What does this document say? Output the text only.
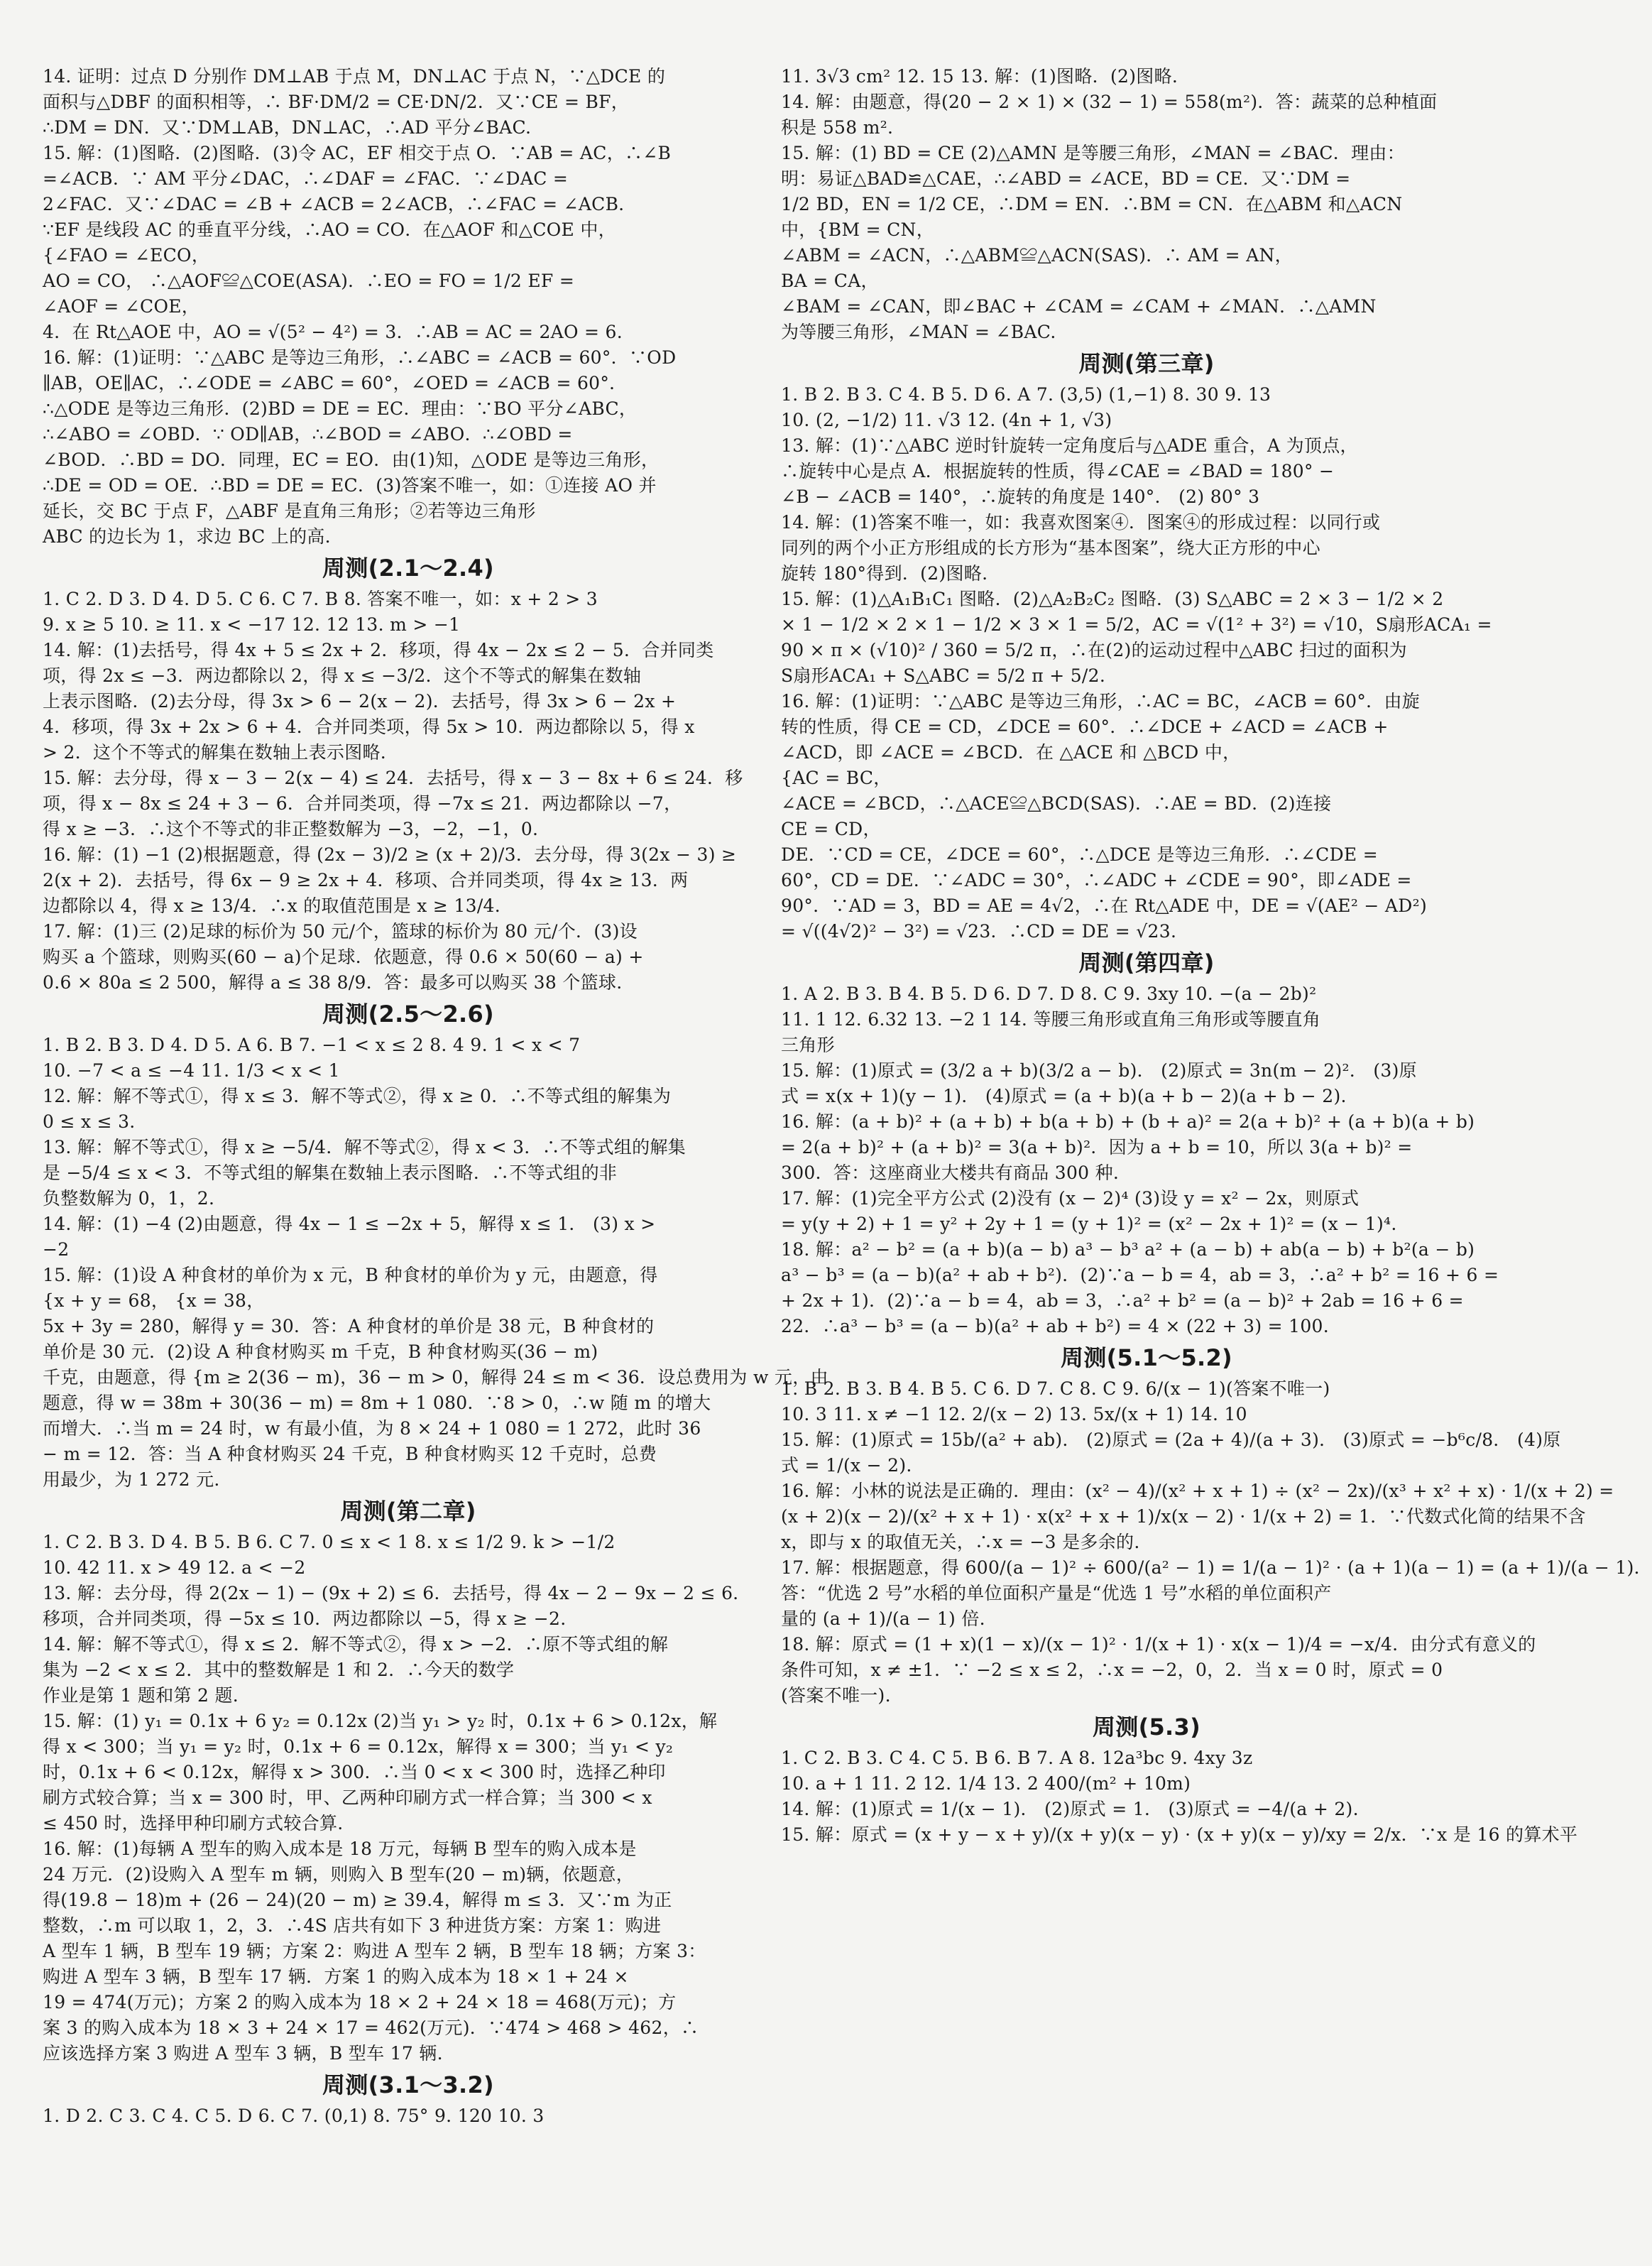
14. 证明：过点 D 分别作 DM⊥AB 于点 M，DN⊥AC 于点 N，∵△DCE 的
面积与△DBF 的面积相等，∴ BF·DM/2 = CE·DN/2．又∵CE = BF，
∴DM = DN．又∵DM⊥AB，DN⊥AC，∴AD 平分∠BAC.
15. 解：(1)图略．(2)图略．(3)令 AC，EF 相交于点 O．∵AB = AC，∴∠B
=∠ACB．∵ AM 平分∠DAC，∴∠DAF = ∠FAC．∵∠DAC =
2∠FAC．又∵∠DAC = ∠B + ∠ACB = 2∠ACB，∴∠FAC = ∠ACB．
∵EF 是线段 AC 的垂直平分线，∴AO = CO．在△AOF 和△COE 中，
{∠FAO = ∠ECO，
AO = CO， ∴△AOF≌△COE(ASA)．∴EO = FO = 1/2 EF =
∠AOF = ∠COE，
4．在 Rt△AOE 中，AO = √(5² − 4²) = 3．∴AB = AC = 2AO = 6.
16. 解：(1)证明：∵△ABC 是等边三角形，∴∠ABC = ∠ACB = 60°．∵OD
∥AB，OE∥AC，∴∠ODE = ∠ABC = 60°，∠OED = ∠ACB = 60°．
∴△ODE 是等边三角形．(2)BD = DE = EC．理由：∵BO 平分∠ABC，
∴∠ABO = ∠OBD．∵ OD∥AB，∴∠BOD = ∠ABO．∴∠OBD =
∠BOD．∴BD = DO．同理，EC = EO．由(1)知，△ODE 是等边三角形，
∴DE = OD = OE．∴BD = DE = EC．(3)答案不唯一，如：①连接 AO 并
延长，交 BC 于点 F，△ABF 是直角三角形；②若等边三角形
ABC 的边长为 1，求边 BC 上的高.
周测(2.1～2.4)
1. C 2. D 3. D 4. D 5. C 6. C 7. B 8. 答案不唯一，如：x + 2 > 3
9. x ≥ 5 10. ≥ 11. x < −17 12. 12 13. m > −1
14. 解：(1)去括号，得 4x + 5 ≤ 2x + 2．移项，得 4x − 2x ≤ 2 − 5．合并同类
项，得 2x ≤ −3．两边都除以 2，得 x ≤ −3/2．这个不等式的解集在数轴
上表示图略．(2)去分母，得 3x > 6 − 2(x − 2)．去括号，得 3x > 6 − 2x +
4．移项，得 3x + 2x > 6 + 4．合并同类项，得 5x > 10．两边都除以 5，得 x
> 2．这个不等式的解集在数轴上表示图略.
15. 解：去分母，得 x − 3 − 2(x − 4) ≤ 24．去括号，得 x − 3 − 8x + 6 ≤ 24．移
项，得 x − 8x ≤ 24 + 3 − 6．合并同类项，得 −7x ≤ 21．两边都除以 −7，
得 x ≥ −3．∴这个不等式的非正整数解为 −3，−2，−1，0.
16. 解：(1) −1 (2)根据题意，得 (2x − 3)/2 ≥ (x + 2)/3．去分母，得 3(2x − 3) ≥
2(x + 2)．去括号，得 6x − 9 ≥ 2x + 4．移项、合并同类项，得 4x ≥ 13．两
边都除以 4，得 x ≥ 13/4．∴x 的取值范围是 x ≥ 13/4.
17. 解：(1)三 (2)足球的标价为 50 元/个，篮球的标价为 80 元/个．(3)设
购买 a 个篮球，则购买(60 − a)个足球．依题意，得 0.6 × 50(60 − a) +
0.6 × 80a ≤ 2 500，解得 a ≤ 38 8/9．答：最多可以购买 38 个篮球.
周测(2.5～2.6)
1. B 2. B 3. D 4. D 5. A 6. B 7. −1 < x ≤ 2 8. 4 9. 1 < x < 7
10. −7 < a ≤ −4 11. 1/3 < x < 1
12. 解：解不等式①，得 x ≤ 3．解不等式②，得 x ≥ 0．∴不等式组的解集为
0 ≤ x ≤ 3.
13. 解：解不等式①，得 x ≥ −5/4．解不等式②，得 x < 3．∴不等式组的解集
是 −5/4 ≤ x < 3．不等式组的解集在数轴上表示图略．∴不等式组的非
负整数解为 0，1，2.
14. 解：(1) −4 (2)由题意，得 4x − 1 ≤ −2x + 5，解得 x ≤ 1． (3) x >
−2
15. 解：(1)设 A 种食材的单价为 x 元，B 种食材的单价为 y 元，由题意，得
{x + y = 68， {x = 38，
5x + 3y = 280，解得 y = 30．答：A 种食材的单价是 38 元，B 种食材的
单价是 30 元．(2)设 A 种食材购买 m 千克，B 种食材购买(36 − m)
千克，由题意，得 {m ≥ 2(36 − m)，36 − m > 0，解得 24 ≤ m < 36．设总费用为 w 元，由
题意，得 w = 38m + 30(36 − m) = 8m + 1 080．∵8 > 0，∴w 随 m 的增大
而增大．∴当 m = 24 时，w 有最小值，为 8 × 24 + 1 080 = 1 272，此时 36
− m = 12．答：当 A 种食材购买 24 千克，B 种食材购买 12 千克时，总费
用最少，为 1 272 元.
周测(第二章)
1. C 2. B 3. D 4. B 5. B 6. C 7. 0 ≤ x < 1 8. x ≤ 1/2 9. k > −1/2
10. 42 11. x > 49 12. a < −2
13. 解：去分母，得 2(2x − 1) − (9x + 2) ≤ 6．去括号，得 4x − 2 − 9x − 2 ≤ 6．
移项，合并同类项，得 −5x ≤ 10．两边都除以 −5，得 x ≥ −2.
14. 解：解不等式①，得 x ≤ 2．解不等式②，得 x > −2．∴原不等式组的解
集为 −2 < x ≤ 2．其中的整数解是 1 和 2．∴今天的数学
作业是第 1 题和第 2 题.
15. 解：(1) y₁ = 0.1x + 6 y₂ = 0.12x (2)当 y₁ > y₂ 时，0.1x + 6 > 0.12x，解
得 x < 300；当 y₁ = y₂ 时，0.1x + 6 = 0.12x，解得 x = 300；当 y₁ < y₂
时，0.1x + 6 < 0.12x，解得 x > 300．∴当 0 < x < 300 时，选择乙种印
刷方式较合算；当 x = 300 时，甲、乙两种印刷方式一样合算；当 300 < x
≤ 450 时，选择甲种印刷方式较合算.
16. 解：(1)每辆 A 型车的购入成本是 18 万元，每辆 B 型车的购入成本是
24 万元．(2)设购入 A 型车 m 辆，则购入 B 型车(20 − m)辆，依题意，
得(19.8 − 18)m + (26 − 24)(20 − m) ≥ 39.4，解得 m ≤ 3．又∵m 为正
整数，∴m 可以取 1，2，3．∴4S 店共有如下 3 种进货方案：方案 1：购进
A 型车 1 辆，B 型车 19 辆；方案 2：购进 A 型车 2 辆，B 型车 18 辆；方案 3：
购进 A 型车 3 辆，B 型车 17 辆．方案 1 的购入成本为 18 × 1 + 24 ×
19 = 474(万元)；方案 2 的购入成本为 18 × 2 + 24 × 18 = 468(万元)；方
案 3 的购入成本为 18 × 3 + 24 × 17 = 462(万元)．∵474 > 468 > 462，∴
应该选择方案 3 购进 A 型车 3 辆，B 型车 17 辆.
周测(3.1～3.2)
1. D 2. C 3. C 4. C 5. D 6. C 7. (0,1) 8. 75° 9. 120 10. 3
11. 3√3 cm² 12. 15 13. 解：(1)图略．(2)图略.
14. 解：由题意，得(20 − 2 × 1) × (32 − 1) = 558(m²)．答：蔬菜的总种植面
积是 558 m².
15. 解：(1) BD = CE (2)△AMN 是等腰三角形，∠MAN = ∠BAC．理由：
明：易证△BAD≌△CAE，∴∠ABD = ∠ACE，BD = CE．又∵DM =
1/2 BD，EN = 1/2 CE，∴DM = EN．∴BM = CN．在△ABM 和△ACN
中，{BM = CN，
∠ABM = ∠ACN，∴△ABM≌△ACN(SAS)．∴ AM = AN，
BA = CA，
∠BAM = ∠CAN，即∠BAC + ∠CAM = ∠CAM + ∠MAN．∴△AMN
为等腰三角形，∠MAN = ∠BAC.
周测(第三章)
1. B 2. B 3. C 4. B 5. D 6. A 7. (3,5) (1,−1) 8. 30 9. 13
10. (2, −1/2) 11. √3 12. (4n + 1, √3)
13. 解：(1)∵△ABC 逆时针旋转一定角度后与△ADE 重合，A 为顶点，
∴旋转中心是点 A．根据旋转的性质，得∠CAE = ∠BAD = 180° −
∠B − ∠ACB = 140°，∴旋转的角度是 140°． (2) 80° 3
14. 解：(1)答案不唯一，如：我喜欢图案④．图案④的形成过程：以同行或
同列的两个小正方形组成的长方形为“基本图案”，绕大正方形的中心
旋转 180°得到．(2)图略.
15. 解：(1)△A₁B₁C₁ 图略．(2)△A₂B₂C₂ 图略．(3) S△ABC = 2 × 3 − 1/2 × 2
× 1 − 1/2 × 2 × 1 − 1/2 × 3 × 1 = 5/2，AC = √(1² + 3²) = √10，S扇形ACA₁ =
90 × π × (√10)² / 360 = 5/2 π，∴在(2)的运动过程中△ABC 扫过的面积为
S扇形ACA₁ + S△ABC = 5/2 π + 5/2.
16. 解：(1)证明：∵△ABC 是等边三角形，∴AC = BC，∠ACB = 60°．由旋
转的性质，得 CE = CD，∠DCE = 60°．∴∠DCE + ∠ACD = ∠ACB +
∠ACD，即 ∠ACE = ∠BCD．在 △ACE 和 △BCD 中，
{AC = BC，
∠ACE = ∠BCD，∴△ACE≌△BCD(SAS)．∴AE = BD．(2)连接
CE = CD，
DE．∵CD = CE，∠DCE = 60°，∴△DCE 是等边三角形．∴∠CDE =
60°，CD = DE．∵∠ADC = 30°，∴∠ADC + ∠CDE = 90°，即∠ADE =
90°．∵AD = 3，BD = AE = 4√2，∴在 Rt△ADE 中，DE = √(AE² − AD²)
= √((4√2)² − 3²) = √23．∴CD = DE = √23.
周测(第四章)
1. A 2. B 3. B 4. B 5. D 6. D 7. D 8. C 9. 3xy 10. −(a − 2b)²
11. 1 12. 6.32 13. −2 1 14. 等腰三角形或直角三角形或等腰直角
三角形
15. 解：(1)原式 = (3/2 a + b)(3/2 a − b)． (2)原式 = 3n(m − 2)²． (3)原
式 = x(x + 1)(y − 1)． (4)原式 = (a + b)(a + b − 2)(a + b − 2).
16. 解：(a + b)² + (a + b) + b(a + b) + (b + a)² = 2(a + b)² + (a + b)(a + b)
= 2(a + b)² + (a + b)² = 3(a + b)²．因为 a + b = 10，所以 3(a + b)² =
300．答：这座商业大楼共有商品 300 种.
17. 解：(1)完全平方公式 (2)没有 (x − 2)⁴ (3)设 y = x² − 2x，则原式
= y(y + 2) + 1 = y² + 2y + 1 = (y + 1)² = (x² − 2x + 1)² = (x − 1)⁴.
18. 解：a² − b² = (a + b)(a − b) a³ − b³ a² + (a − b) + ab(a − b) + b²(a − b)
a³ − b³ = (a − b)(a² + ab + b²)．(2)∵a − b = 4，ab = 3，∴a² + b² = 16 + 6 =
+ 2x + 1)．(2)∵a − b = 4，ab = 3，∴a² + b² = (a − b)² + 2ab = 16 + 6 =
22．∴a³ − b³ = (a − b)(a² + ab + b²) = 4 × (22 + 3) = 100.
周测(5.1～5.2)
1. B 2. B 3. B 4. B 5. C 6. D 7. C 8. C 9. 6/(x − 1)(答案不唯一)
10. 3 11. x ≠ −1 12. 2/(x − 2) 13. 5x/(x + 1) 14. 10
15. 解：(1)原式 = 15b/(a² + ab)． (2)原式 = (2a + 4)/(a + 3)． (3)原式 = −b⁶c/8． (4)原
式 = 1/(x − 2).
16. 解：小林的说法是正确的．理由：(x² − 4)/(x² + x + 1) ÷ (x² − 2x)/(x³ + x² + x) · 1/(x + 2) =
(x + 2)(x − 2)/(x² + x + 1) · x(x² + x + 1)/x(x − 2) · 1/(x + 2) = 1．∵代数式化简的结果不含
x，即与 x 的取值无关，∴x = −3 是多余的.
17. 解：根据题意，得 600/(a − 1)² ÷ 600/(a² − 1) = 1/(a − 1)² · (a + 1)(a − 1) = (a + 1)/(a − 1)．
答：“优选 2 号”水稻的单位面积产量是“优选 1 号”水稻的单位面积产
量的 (a + 1)/(a − 1) 倍.
18. 解：原式 = (1 + x)(1 − x)/(x − 1)² · 1/(x + 1) · x(x − 1)/4 = −x/4．由分式有意义的
条件可知，x ≠ ±1．∵ −2 ≤ x ≤ 2，∴x = −2，0，2．当 x = 0 时，原式 = 0
(答案不唯一).
周测(5.3)
1. C 2. B 3. C 4. C 5. B 6. B 7. A 8. 12a³bc 9. 4xy 3z
10. a + 1 11. 2 12. 1/4 13. 2 400/(m² + 10m)
14. 解：(1)原式 = 1/(x − 1)． (2)原式 = 1． (3)原式 = −4/(a + 2).
15. 解：原式 = (x + y − x + y)/(x + y)(x − y) · (x + y)(x − y)/xy = 2/x．∵x 是 16 的算术平
